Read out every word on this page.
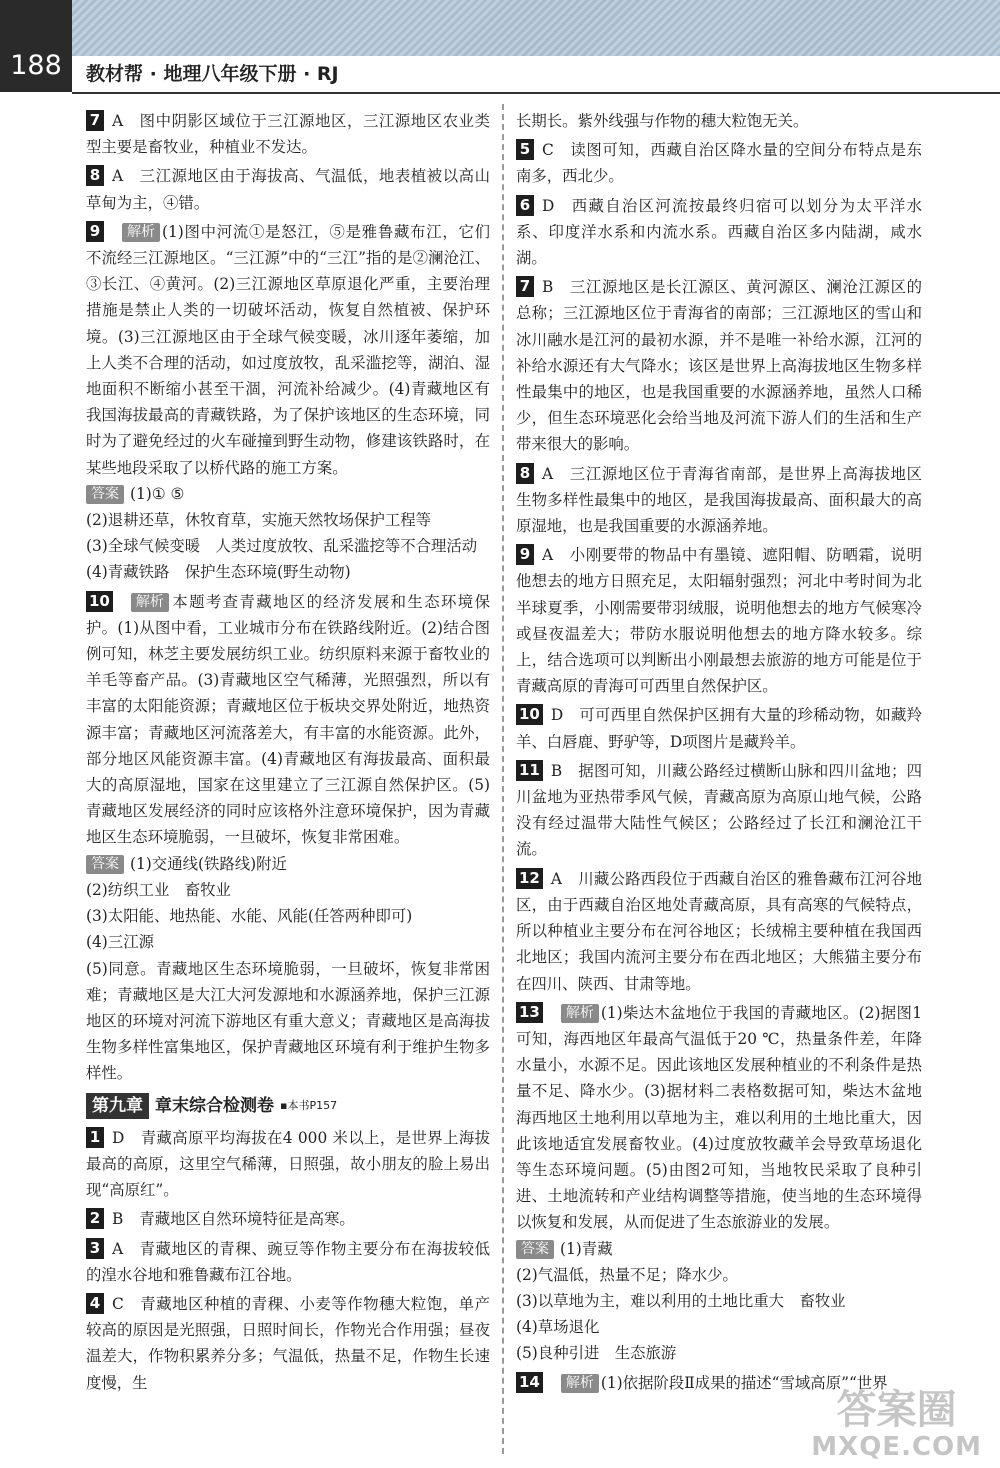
188	教材帮 · 地理八年级下册 · RJ

7 A 图中阴影区域位于三江源地区，三江源地区农业类型主要是畜牧业，种植业不发达。

8 A 三江源地区由于海拔高、气温低，地表植被以高山草甸为主，④错。

9 解析 (1)图中河流①是怒江，⑤是雅鲁藏布江，它们不流经三江源地区。“三江源”中的“三江”指的是②澜沧江、③长江、④黄河。(2)三江源地区草原退化严重，主要治理措施是禁止人类的一切破坏活动，恢复自然植被、保护环境。(3)三江源地区由于全球气候变暖，冰川逐年萎缩，加上人类不合理的活动，如过度放牧，乱采滥挖等，湖泊、湿地面积不断缩小甚至干涸，河流补给减少。(4)青藏地区有我国海拔最高的青藏铁路，为了保护该地区的生态环境，同时为了避免经过的火车碰撞到野生动物，修建该铁路时，在某些地段采取了以桥代路的施工方案。

答案 (1)① ⑤

(2)退耕还草，休牧育草，实施天然牧场保护工程等

(3)全球气候变暖　人类过度放牧、乱采滥挖等不合理活动

(4)青藏铁路　保护生态环境(野生动物)

10 解析 本题考查青藏地区的经济发展和生态环境保护。(1)从图中看，工业城市分布在铁路线附近。(2)结合图例可知，林芝主要发展纺织工业。纺织原料来源于畜牧业的羊毛等畜产品。(3)青藏地区空气稀薄，光照强烈，所以有丰富的太阳能资源；青藏地区位于板块交界处附近，地热资源丰富；青藏地区河流落差大，有丰富的水能资源。此外，部分地区风能资源丰富。(4)青藏地区有海拔最高、面积最大的高原湿地，国家在这里建立了三江源自然保护区。(5)青藏地区发展经济的同时应该格外注意环境保护，因为青藏地区生态环境脆弱，一旦破坏，恢复非常困难。

答案 (1)交通线(铁路线)附近

(2)纺织工业　畜牧业

(3)太阳能、地热能、水能、风能(任答两种即可)

(4)三江源

(5)同意。青藏地区生态环境脆弱，一旦破坏，恢复非常困难；青藏地区是大江大河发源地和水源涵养地，保护三江源地区的环境对河流下游地区有重大意义；青藏地区是高海拔生物多样性富集地区，保护青藏地区环境有利于维护生物多样性。

第九章 章末综合检测卷 ▪本书P157

1 D 青藏高原平均海拔在4 000 米以上，是世界上海拔最高的高原，这里空气稀薄，日照强，故小朋友的脸上易出现“高原红”。

2 B 青藏地区自然环境特征是高寒。

3 A 青藏地区的青稞、豌豆等作物主要分布在海拔较低的湟水谷地和雅鲁藏布江谷地。

4 C 青藏地区种植的青稞、小麦等作物穗大粒饱，单产较高的原因是光照强，日照时间长，作物光合作用强；昼夜温差大，作物积累养分多；气温低，热量不足，作物生长速度慢，生

长期长。紫外线强与作物的穗大粒饱无关。

5 C 读图可知，西藏自治区降水量的空间分布特点是东南多，西北少。

6 D 西藏自治区河流按最终归宿可以划分为太平洋水系、印度洋水系和内流水系。西藏自治区多内陆湖，咸水湖。

7 B 三江源地区是长江源区、黄河源区、澜沧江源区的总称；三江源地区位于青海省的南部；三江源地区的雪山和冰川融水是江河的最初水源，并不是唯一补给水源，江河的补给水源还有大气降水；该区是世界上高海拔地区生物多样性最集中的地区，也是我国重要的水源涵养地，虽然人口稀少，但生态环境恶化会给当地及河流下游人们的生活和生产带来很大的影响。

8 A 三江源地区位于青海省南部，是世界上高海拔地区生物多样性最集中的地区，是我国海拔最高、面积最大的高原湿地，也是我国重要的水源涵养地。

9 A 小刚要带的物品中有墨镜、遮阳帽、防晒霜，说明他想去的地方日照充足，太阳辐射强烈；河北中考时间为北半球夏季，小刚需要带羽绒服，说明他想去的地方气候寒冷或昼夜温差大；带防水服说明他想去的地方降水较多。综上，结合选项可以判断出小刚最想去旅游的地方可能是位于青藏高原的青海可可西里自然保护区。

10 D 可可西里自然保护区拥有大量的珍稀动物，如藏羚羊、白唇鹿、野驴等，D项图片是藏羚羊。

11 B 据图可知，川藏公路经过横断山脉和四川盆地；四川盆地为亚热带季风气候，青藏高原为高原山地气候，公路没有经过温带大陆性气候区；公路经过了长江和澜沧江干流。

12 A 川藏公路西段位于西藏自治区的雅鲁藏布江河谷地区，由于西藏自治区地处青藏高原，具有高寒的气候特点，所以种植业主要分布在河谷地区；长绒棉主要种植在我国西北地区；我国内流河主要分布在西北地区；大熊猫主要分布在四川、陕西、甘肃等地。

13 解析 (1)柴达木盆地位于我国的青藏地区。(2)据图1可知，海西地区年最高气温低于20 ℃，热量条件差，年降水量小，水源不足。因此该地区发展种植业的不利条件是热量不足、降水少。(3)据材料二表格数据可知，柴达木盆地海西地区土地利用以草地为主，难以利用的土地比重大，因此该地适宜发展畜牧业。(4)过度放牧藏羊会导致草场退化等生态环境问题。(5)由图2可知，当地牧民采取了良种引进、土地流转和产业结构调整等措施，使当地的生态环境得以恢复和发展，从而促进了生态旅游业的发展。

答案 (1)青藏

(2)气温低，热量不足；降水少。

(3)以草地为主，难以利用的土地比重大　畜牧业

(4)草场退化

(5)良种引进　生态旅游

14 解析 (1)依据阶段Ⅱ成果的描述“雪域高原”“世界

答案圈
MXQE.COM
